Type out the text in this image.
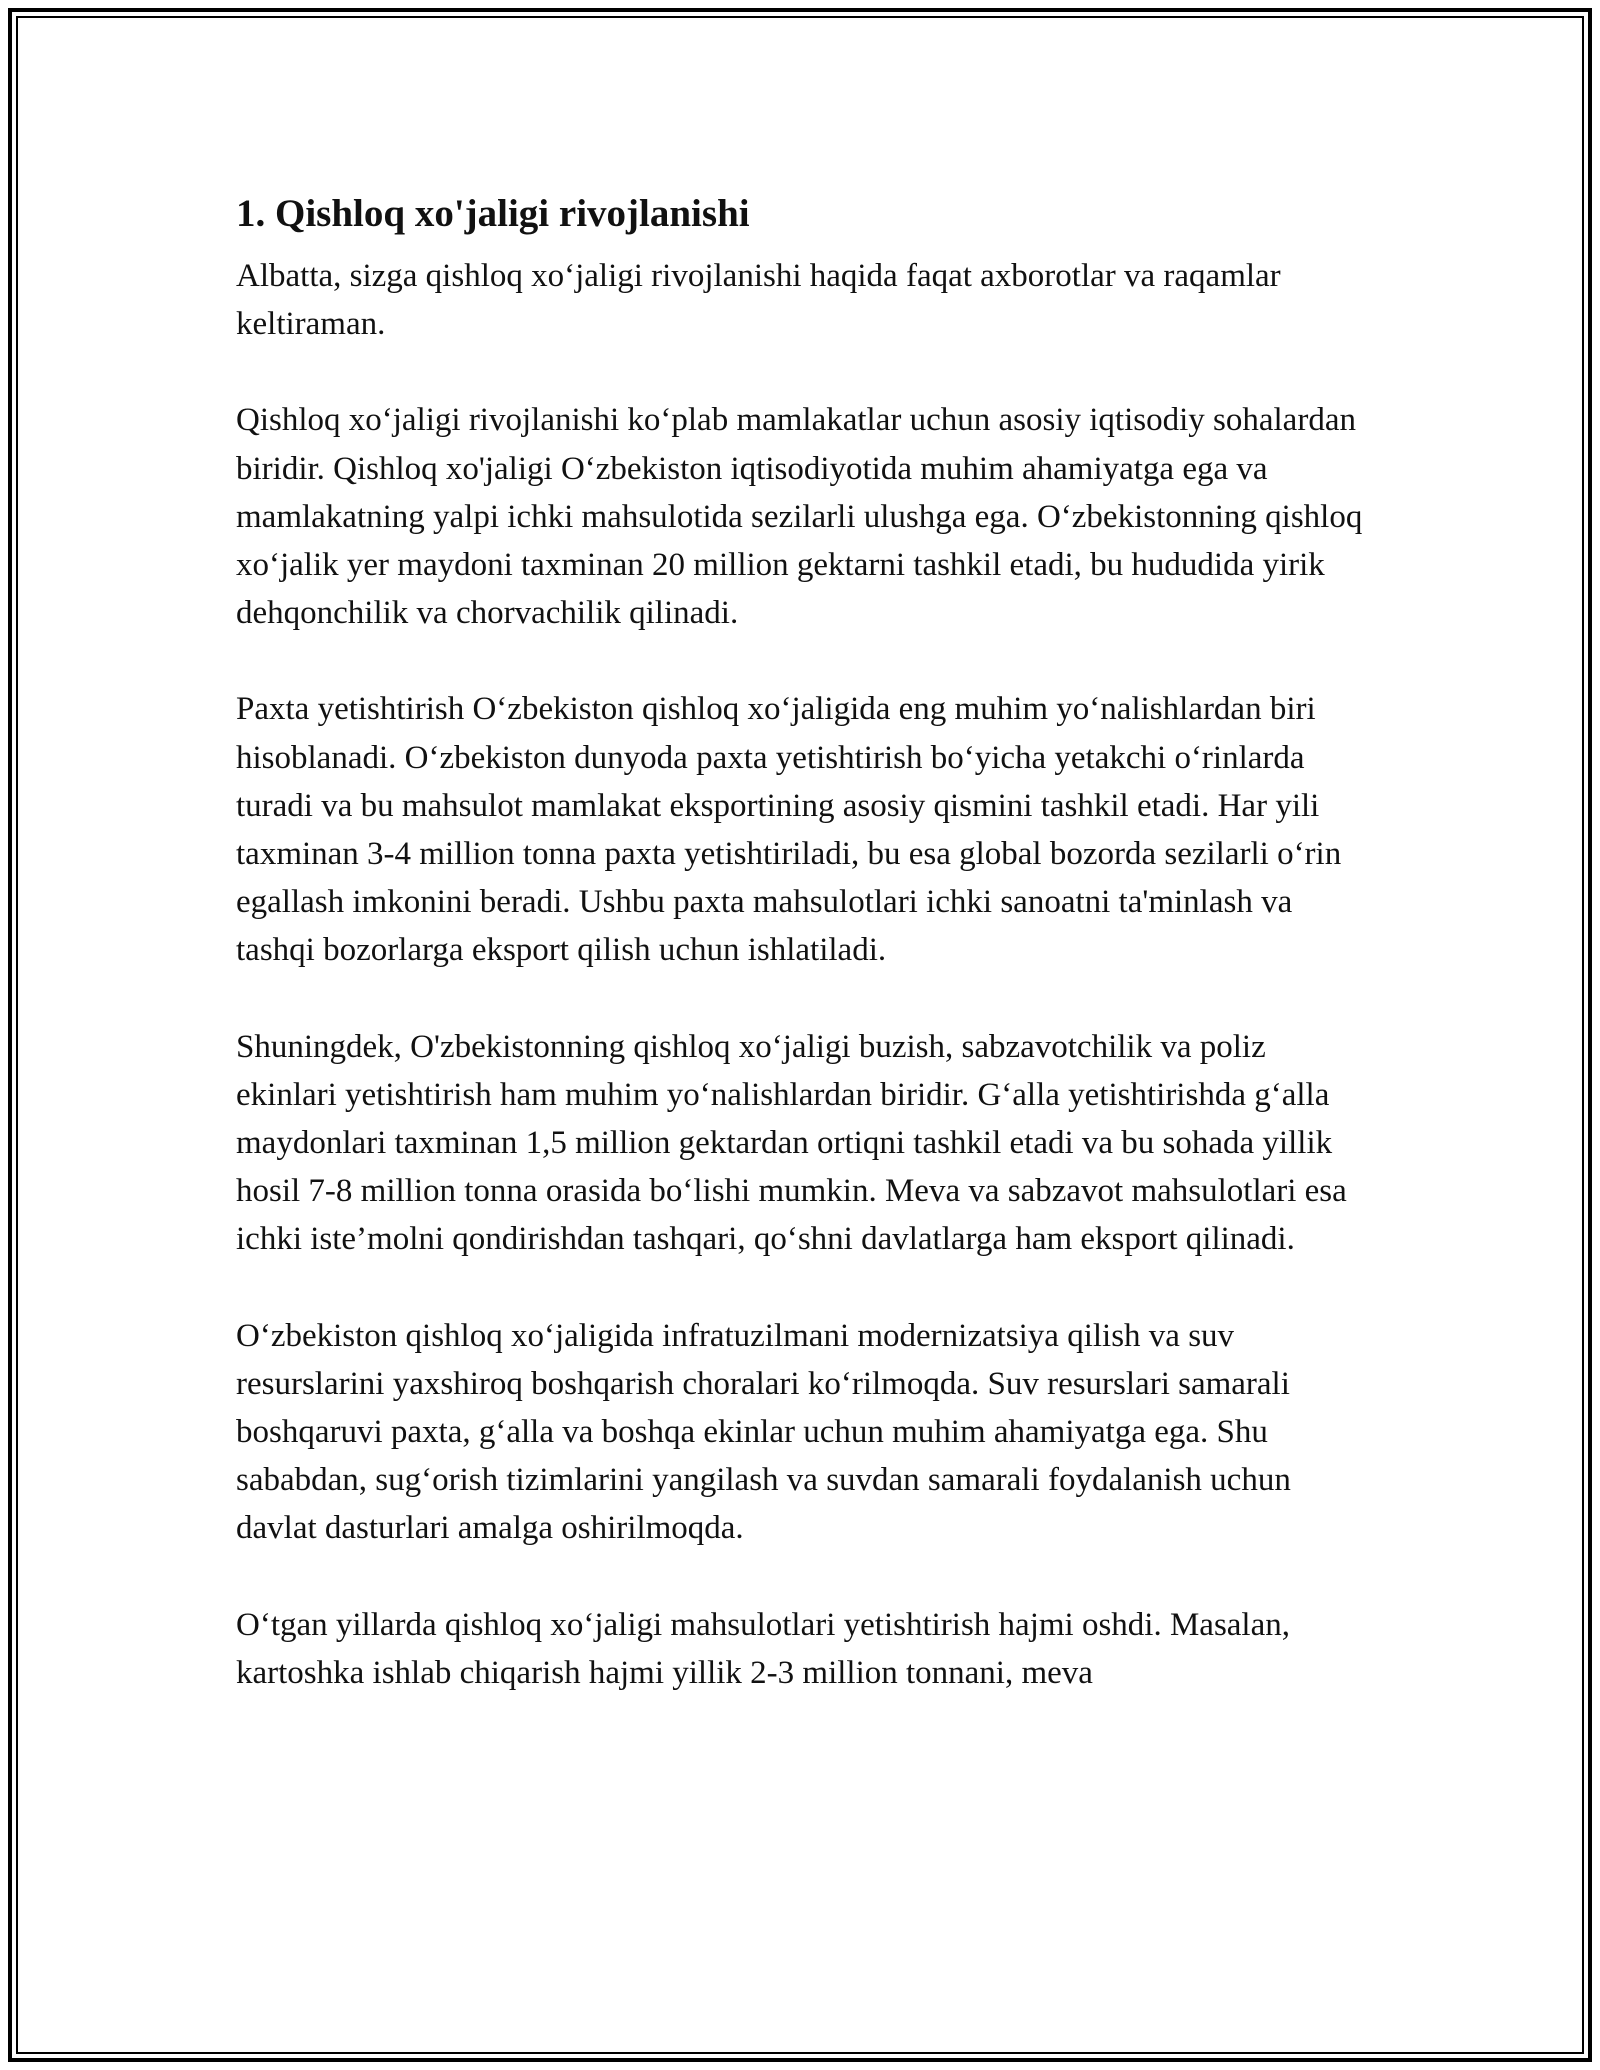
1. Qishloq xo'jaligi rivojlanishi

Albatta, sizga qishloq xo‘jaligi rivojlanishi haqida faqat axborotlar va raqamlar keltiraman.

Qishloq xo‘jaligi rivojlanishi ko‘plab mamlakatlar uchun asosiy iqtisodiy sohalardan biridir. Qishloq xo'jaligi O‘zbekiston iqtisodiyotida muhim ahamiyatga ega va mamlakatning yalpi ichki mahsulotida sezilarli ulushga ega. O‘zbekistonning qishloq xo‘jalik yer maydoni taxminan 20 million gektarni tashkil etadi, bu hududida yirik dehqonchilik va chorvachilik qilinadi.

Paxta yetishtirish O‘zbekiston qishloq xo‘jaligida eng muhim yo‘nalishlardan biri hisoblanadi. O‘zbekiston dunyoda paxta yetishtirish bo‘yicha yetakchi o‘rinlarda turadi va bu mahsulot mamlakat eksportining asosiy qismini tashkil etadi. Har yili taxminan 3-4 million tonna paxta yetishtiriladi, bu esa global bozorda sezilarli o‘rin egallash imkonini beradi. Ushbu paxta mahsulotlari ichki sanoatni ta'minlash va tashqi bozorlarga eksport qilish uchun ishlatiladi.

Shuningdek, O'zbekistonning qishloq xo‘jaligi buzish, sabzavotchilik va poliz ekinlari yetishtirish ham muhim yo‘nalishlardan biridir. G‘alla yetishtirishda g‘alla maydonlari taxminan 1,5 million gektardan ortiqni tashkil etadi va bu sohada yillik hosil 7-8 million tonna orasida bo‘lishi mumkin. Meva va sabzavot mahsulotlari esa ichki iste’molni qondirishdan tashqari, qo‘shni davlatlarga ham eksport qilinadi.

O‘zbekiston qishloq xo‘jaligida infratuzilmani modernizatsiya qilish va suv resurslarini yaxshiroq boshqarish choralari ko‘rilmoqda. Suv resurslari samarali boshqaruvi paxta, g‘alla va boshqa ekinlar uchun muhim ahamiyatga ega. Shu sababdan, sug‘orish tizimlarini yangilash va suvdan samarali foydalanish uchun davlat dasturlari amalga oshirilmoqda.

O‘tgan yillarda qishloq xo‘jaligi mahsulotlari yetishtirish hajmi oshdi. Masalan, kartoshka ishlab chiqarish hajmi yillik 2-3 million tonnani, meva
